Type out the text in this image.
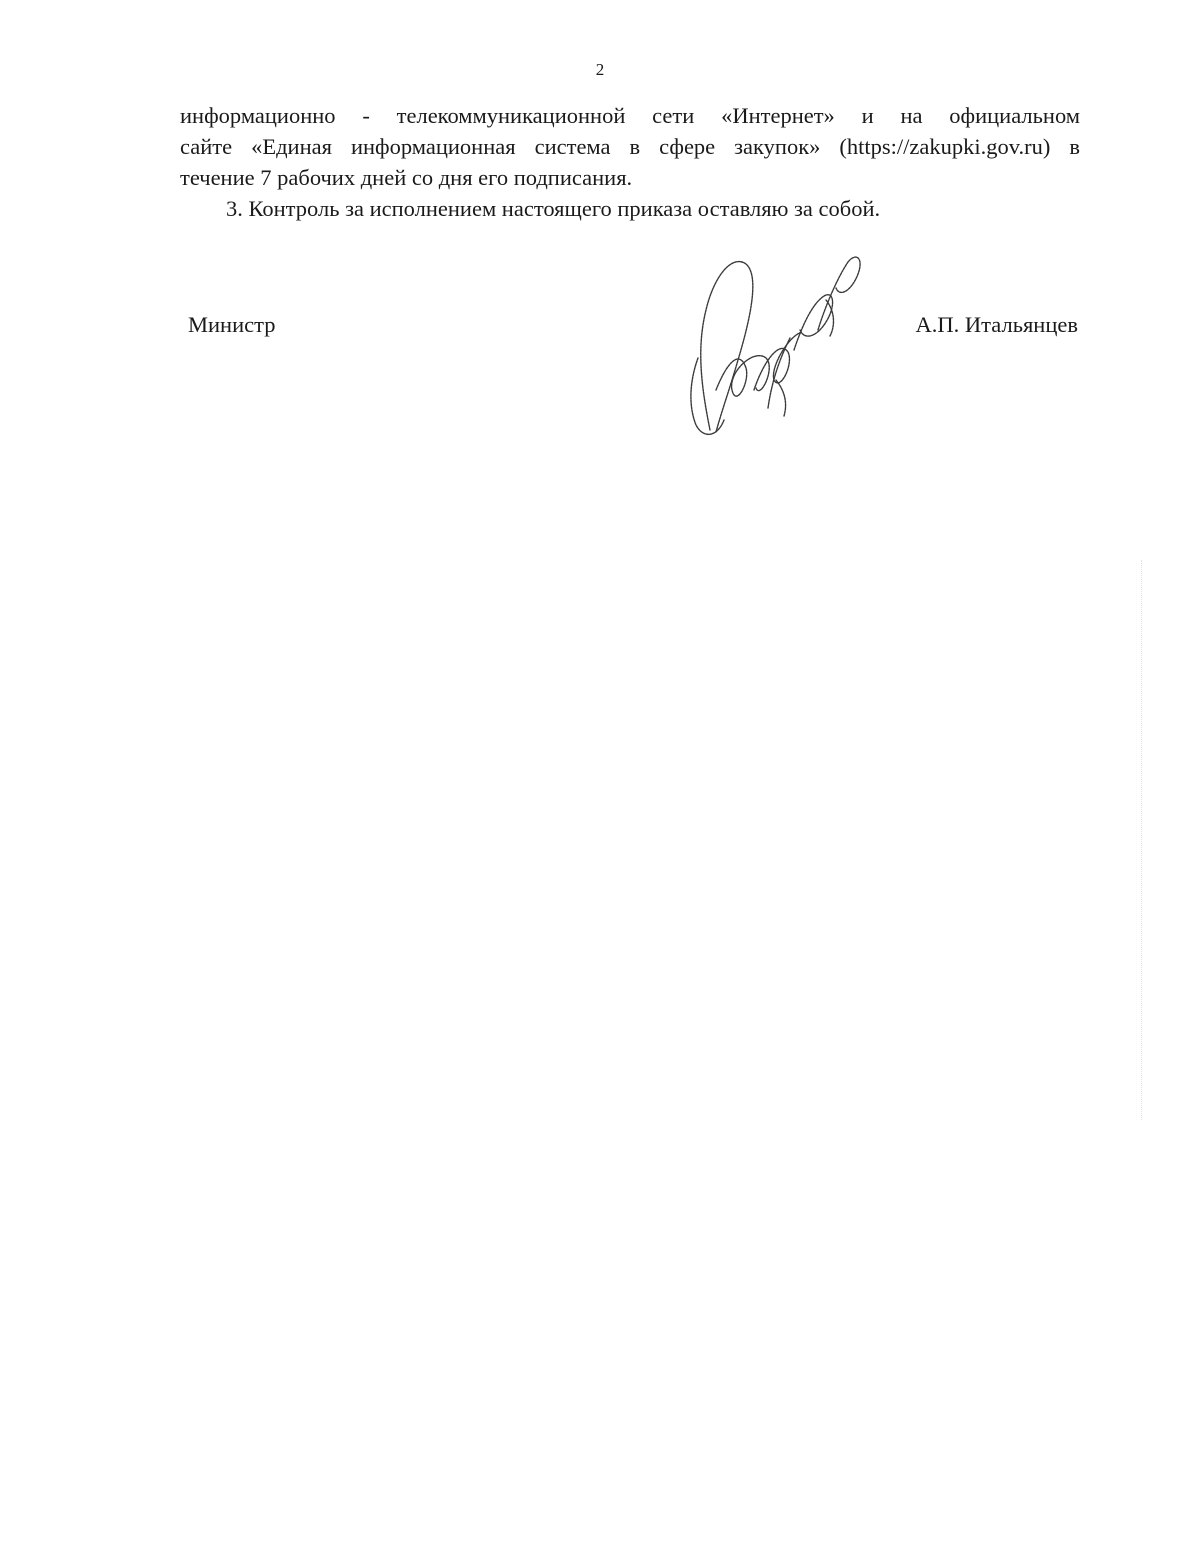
2

информационно - телекоммуникационной сети «Интернет» и на официальном
сайте «Единая информационная система в сфере закупок» (https://zakupki.gov.ru) в
течение 7 рабочих дней со дня его подписания.

3. Контроль за исполнением настоящего приказа оставляю за собой.

Министр	А.П. Итальянцев
